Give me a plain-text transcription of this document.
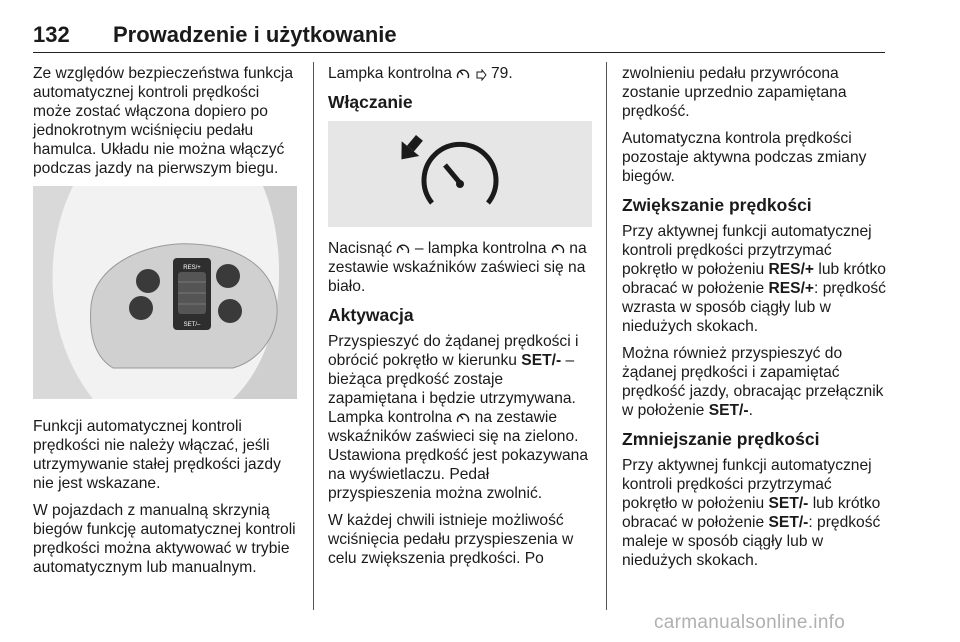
132 Prowadzenie i użytkowanie

Ze względów bezpieczeństwa funkcja automatycznej kontroli prędkości może zostać włączona dopiero po jednokrotnym wciśnięciu pedału hamulca. Układu nie można włączyć podczas jazdy na pierwszym biegu.

RES/+
SET/–

Funkcji automatycznej kontroli prędkości nie należy włączać, jeśli utrzymywanie stałej prędkości jazdy nie jest wskazane.

W pojazdach z manualną skrzynią biegów funkcję automatycznej kontroli prędkości można aktywować w trybie automatycznym lub manualnym.

Lampka kontrolna	79.

Włączanie

Nacisnąć – lampka kontrolna na zestawie wskaźników zaświeci się na biało.

Aktywacja

Przyspieszyć do żądanej prędkości i obrócić pokrętło w kierunku SET/- – bieżąca prędkość zostaje zapamiętana i będzie utrzymywana. Lampka kontrolna na zestawie wskaźników zaświeci się na zielono. Ustawiona prędkość jest pokazywana na wyświetlaczu. Pedał przyspieszenia można zwolnić.

W każdej chwili istnieje możliwość wciśnięcia pedału przyspieszenia w celu zwiększenia prędkości. Po

zwolnieniu pedału przywrócona zostanie uprzednio zapamiętana prędkość.

Automatyczna kontrola prędkości pozostaje aktywna podczas zmiany biegów.

Zwiększanie prędkości

Przy aktywnej funkcji automatycznej kontroli prędkości przytrzymać pokrętło w położeniu RES/+ lub krótko obracać w położenie RES/+: prędkość wzrasta w sposób ciągły lub w niedużych skokach.

Można również przyspieszyć do żądanej prędkości i zapamiętać prędkość jazdy, obracając przełącznik w położenie SET/-.

Zmniejszanie prędkości

Przy aktywnej funkcji automatycznej kontroli prędkości przytrzymać pokrętło w położeniu SET/- lub krótko obracać w położenie SET/-: prędkość maleje w sposób ciągły lub w niedużych skokach.

carmanualsonline.info
